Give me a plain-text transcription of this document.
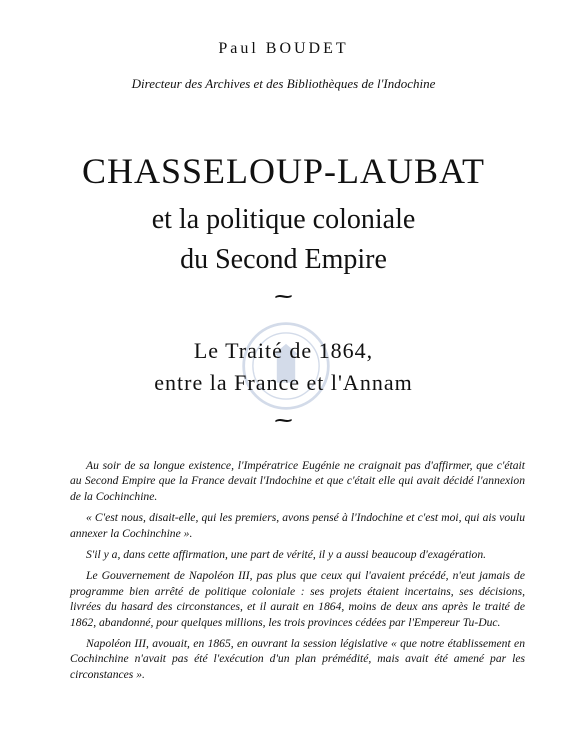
Paul BOUDET
Directeur des Archives et des Bibliothèques de l'Indochine
CHASSELOUP-LAUBAT
et la politique coloniale
du Second Empire
⁓
Le Traité de 1864,
entre la France et l'Annam
⁓

Au soir de sa longue existence, l'Impératrice Eugénie ne craignait pas d'affirmer, que c'était au Second Empire que la France devait l'Indochine et que c'était elle qui avait décidé l'annexion de la Cochinchine.

« C'est nous, disait-elle, qui les premiers, avons pensé à l'Indochine et c'est moi, qui ais voulu annexer la Cochinchine ».

S'il y a, dans cette affirmation, une part de vérité, il y a aussi beaucoup d'exagération.

Le Gouvernement de Napoléon III, pas plus que ceux qui l'avaient précédé, n'eut jamais de programme bien arrêté de politique coloniale : ses projets étaient incertains, ses décisions, livrées du hasard des circonstances, et il aurait en 1864, moins de deux ans après le traité de 1862, abandonné, pour quelques millions, les trois provinces cédées par l'Empereur Tu-Duc.

Napoléon III, avouait, en 1865, en ouvrant la session législative « que notre établissement en Cochinchine n'avait pas été l'exécution d'un plan prémédité, mais avait été amené par les circonstances ».
